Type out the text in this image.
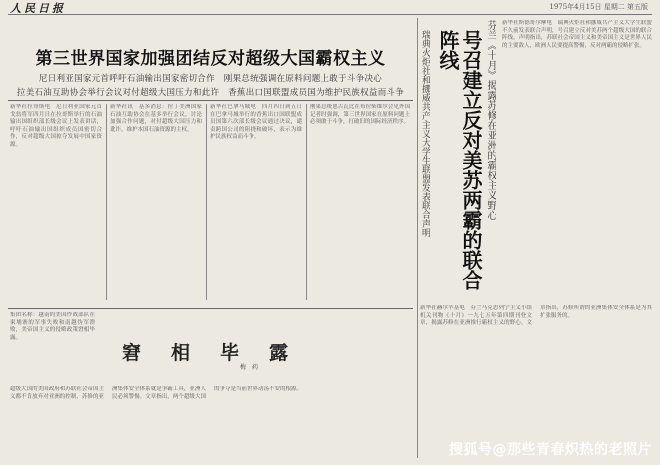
人民日报	1975年4月15日 星期二 第五版
第三世界国家加强团结反对超级大国霸权主义
尼日利亚国家元首呼吁石油输出国家密切合作　刚果总统强调在原料问题上敢于斗争决心
拉美石油互助协会举行会议对付超级大国压力和此许　香蕉出口国联盟成员国为维护民族权益而斗争

新华社拉哥斯电　尼日利亚国家元首戈翁将军四月日在拉哥斯举行的石油输出国组织部长级会议上发表讲话，呼吁石油输出国组织成员国密切合作，反对超级大国掠夺发展中国家资源。

新华社讯　基多消息：拉丁美洲国家石油互助协会在基多举行会议，讨论加强合作问题，对付超级大国压力和讹诈，维护本国石油资源的主权。

新华社巴拿马城电　四月四日到五日在巴拿马城举行的香蕉出口国联盟成员国第六次部长级会议通过决议，谴责跨国公司的阻挠和破坏，表示为维护民族权益而斗争。

刚果总统恩古瓦比在布拉柴维尔会见外国记者时强调，第三世界国家在原料问题上必须敢于斗争，打破旧的国际经济秩序。

集团名称：越南的美国作战部队在柬埔寨的军事失败和南越伪军溃败，美帝国主义的侵略政策窘相毕露。

窘相毕露
梅　药

超级大国的美国政府和苏联社会帝国主义都不肯放弃对亚洲的控制，苏修的亚洲集体安全体系就是争霸工具，亚洲人民必须警惕。文章指出，两个超级大国的争夺是当前世界动荡不安的根源。

瑞典火炬社和挪威共产主义大学生联盟发表联合声明	号召建立反对美苏两霸的联合阵线	芬兰《十月》揭露苏修在亚洲的霸权主义野心 新华社斯德哥尔摩电　瑞典火炬社和挪威共产主义大学生联盟不久前发表联合声明，号召建立反对美苏两个超级大国的联合阵线。声明指出，苏联社会帝国主义和美帝国主义是世界人民的主要敌人，欧洲人民要提高警惕，反对两霸的侵略扩张。

新华社赫尔辛基电　芬兰马克思列宁主义小组机关刊物《十月》一九七五年第四期刊登文章，揭露苏修在亚洲推行霸权主义的野心。文章指出，苏修所谓的亚洲集体安全体系是为其扩张服务的。

搜狐号@那些青春炽热的老照片
